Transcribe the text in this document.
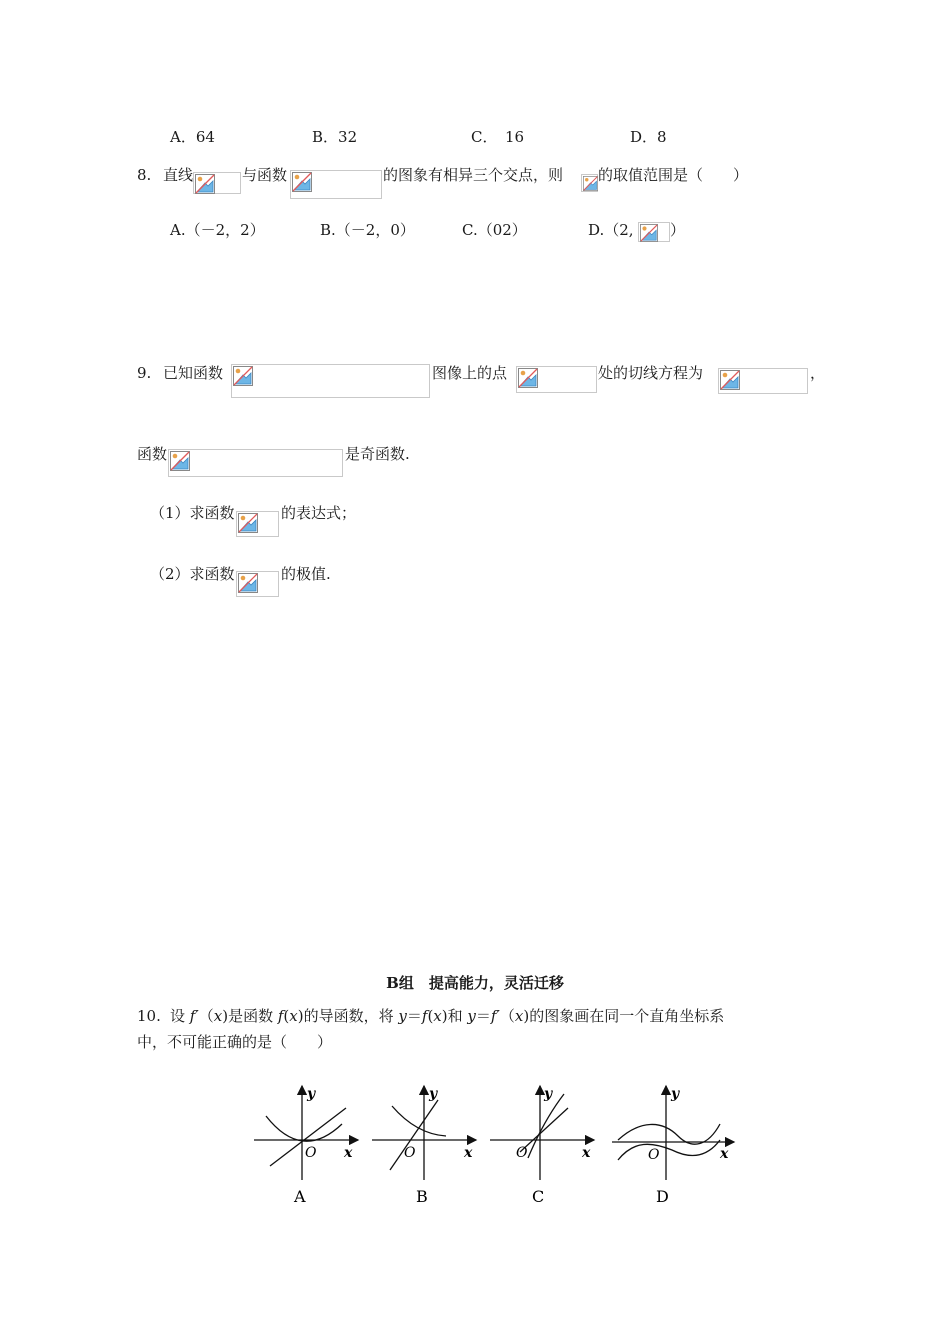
A．64	B．32	C．　16	D．8
8. 直线	与函数	的图象有相异三个交点，则 的取值范围是（　　）
A.（－2，2）	B.（－2，0）	C.（02）	D.（2, ）
9. 已知函数	图像上的点	处的切线方程为	，
函数	是奇函数.
（1）求函数	的表达式；
（2）求函数	的极值.
B组　提高能力，灵活迁移
10. 设 f′（x)是函数 f(x)的导函数，将 y＝f(x)和 y＝f′（x)的图象画在同一个直角坐标系
中，不可能正确的是（　　）
y
x
O
A
y
x
O
B
y
x
O
C
y
x
O
D
